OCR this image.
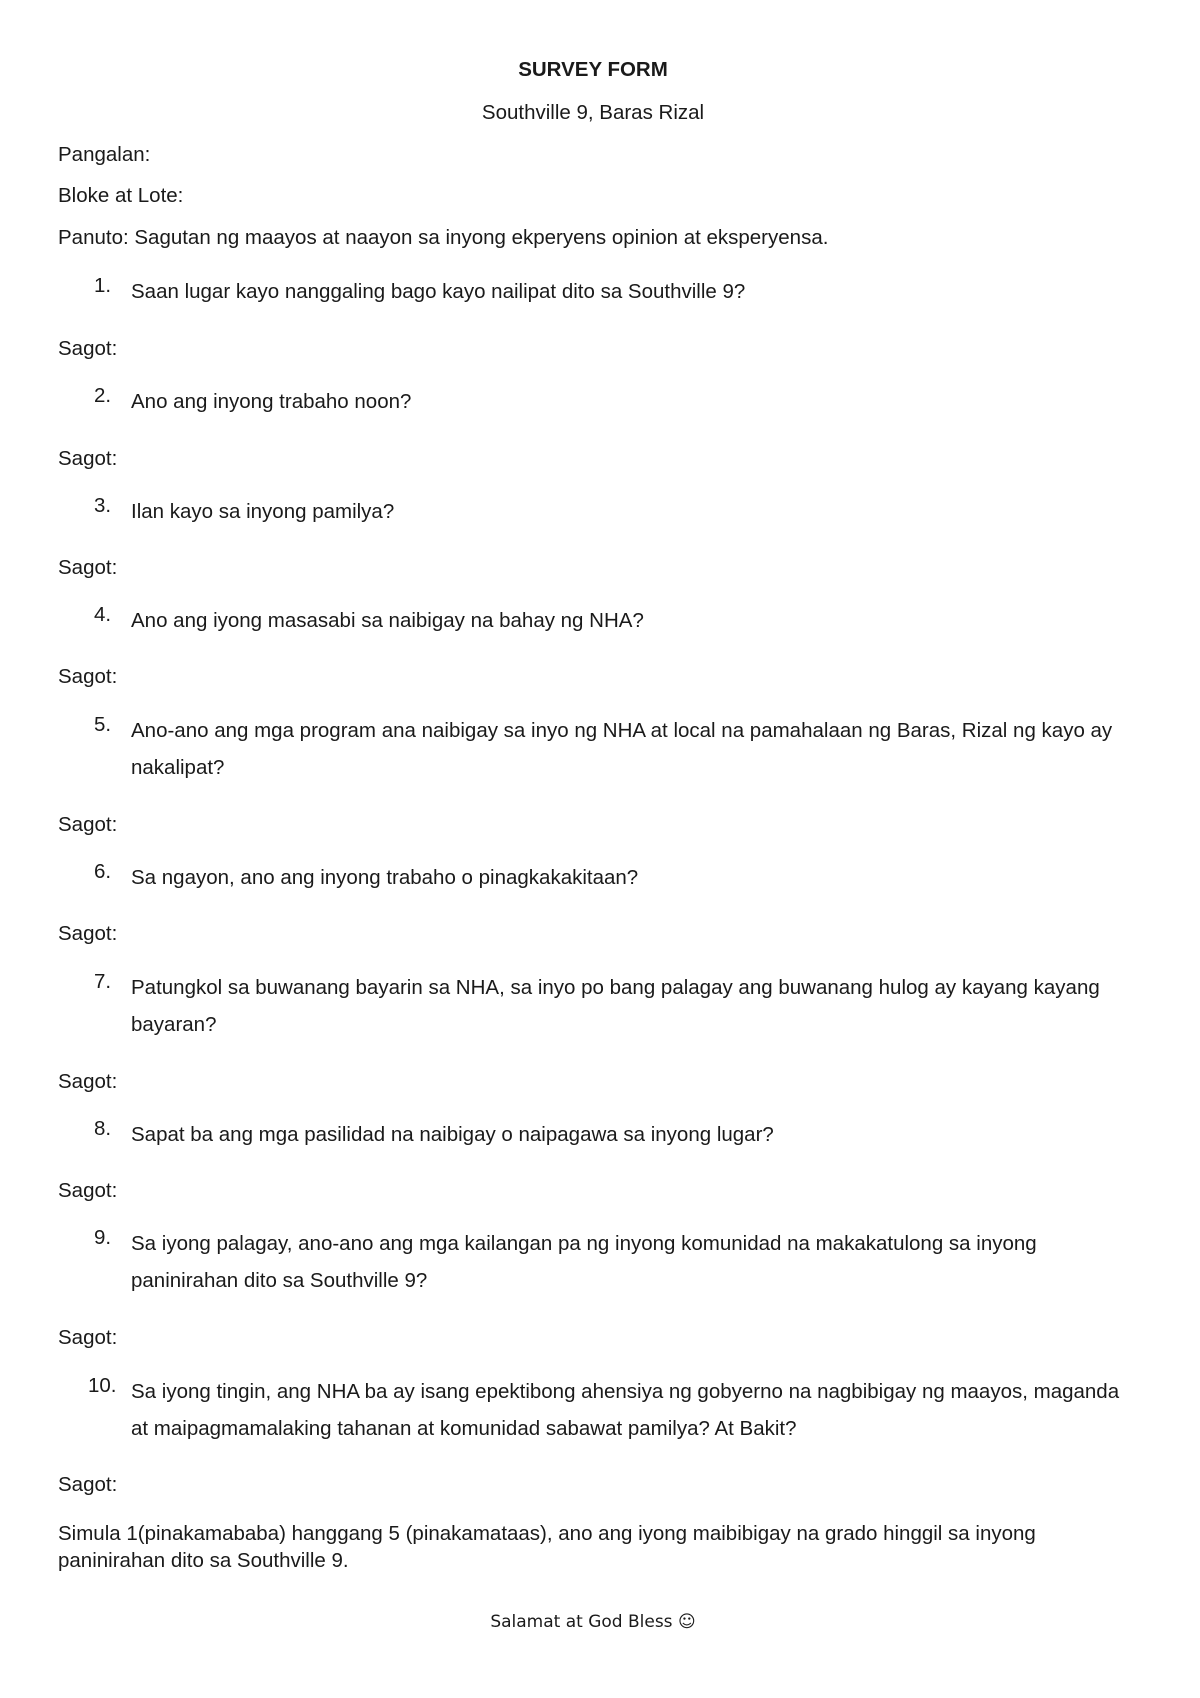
SURVEY FORM
Southville 9, Baras Rizal
Pangalan:
Bloke at Lote:
Panuto: Sagutan ng maayos at naayon sa inyong ekperyens opinion at eksperyensa.
1. Saan lugar kayo nanggaling bago kayo nailipat dito sa Southville 9?
Sagot:
2. Ano ang inyong trabaho noon?
Sagot:
3. Ilan kayo sa inyong pamilya?
Sagot:
4. Ano ang iyong masasabi sa naibigay na bahay ng NHA?
Sagot:
5. Ano-ano ang mga program ana naibigay sa inyo ng NHA at local na pamahalaan ng Baras, Rizal ng kayo ay nakalipat?
Sagot:
6. Sa ngayon, ano ang inyong trabaho o pinagkakakitaan?
Sagot:
7. Patungkol sa buwanang bayarin sa NHA, sa inyo po bang palagay ang buwanang hulog ay kayang kayang bayaran?
Sagot:
8. Sapat ba ang mga pasilidad na naibigay o naipagawa sa inyong lugar?
Sagot:
9. Sa iyong palagay, ano-ano ang mga kailangan pa ng inyong komunidad na makakatulong sa inyong paninirahan dito sa Southville 9?
Sagot:
10. Sa iyong tingin, ang NHA ba ay isang epektibong ahensiya ng gobyerno na nagbibigay ng maayos, maganda at maipagmamalaking tahanan at komunidad sabawat pamilya? At Bakit?
Sagot:
Simula 1(pinakamababa) hanggang 5 (pinakamataas), ano ang iyong maibibigay na grado hinggil sa inyong paninirahan dito sa Southville 9.
Salamat at God Bless ☺
